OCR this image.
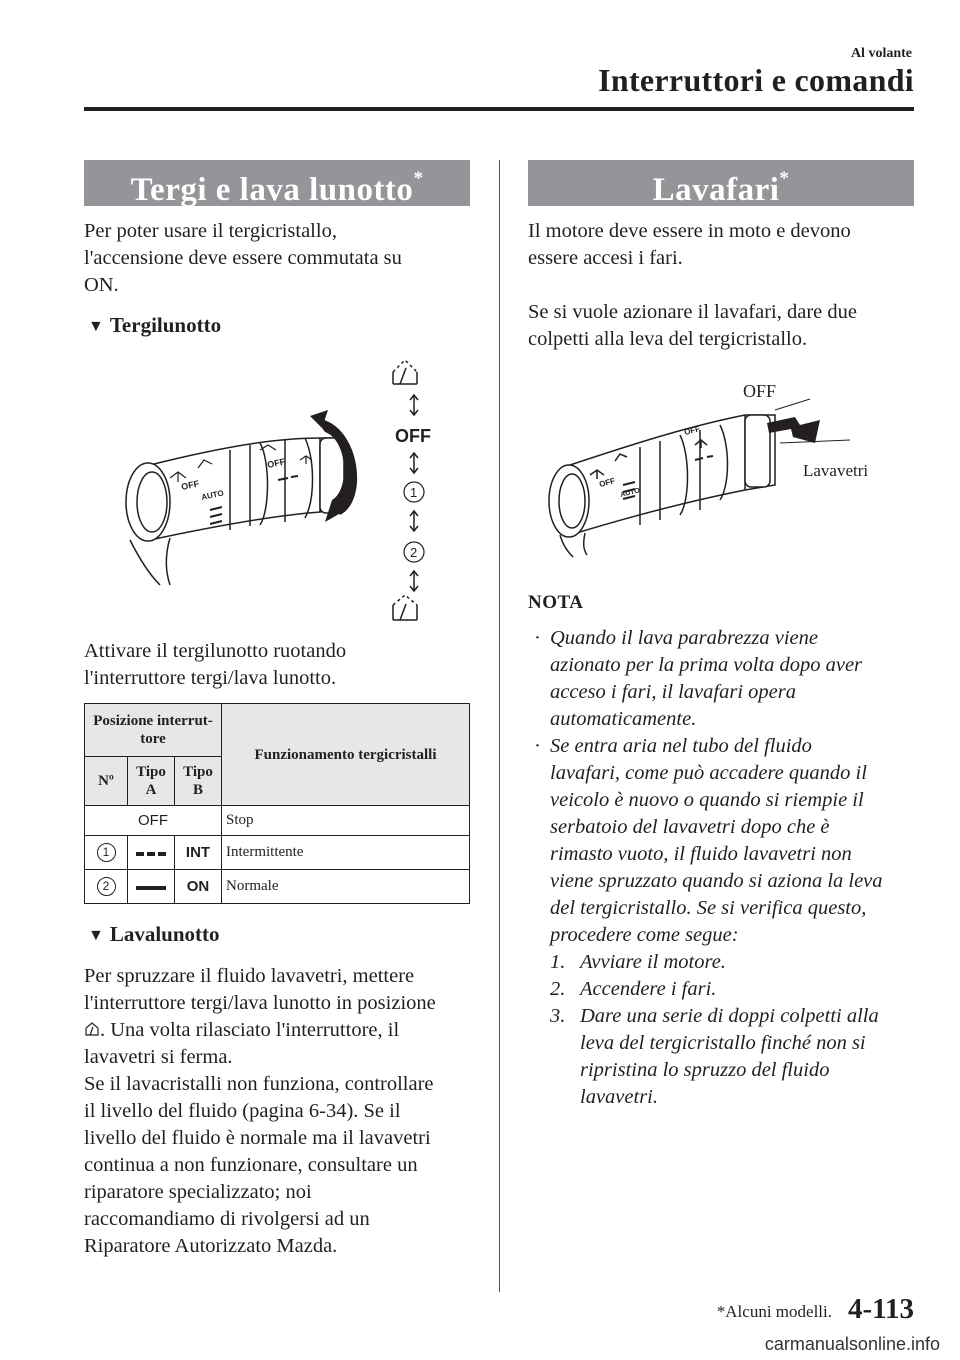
Al volante
Interruttori e comandi
Tergi e lava lunotto*

Per poter usare il tergicristallo,

l'accensione deve essere commutata su

ON.

▼ Tergilunotto
OFF
AUTO
OFF
OFF
1
2

Attivare il tergilunotto ruotando

l'interruttore tergi/lava lunotto.

Posizione interrut-tore			Funzionamento tergicristalli
Nº	Tipo A	Tipo B	
OFF			Stop
1		INT	Intermittente
2		ON	Normale
▼ Lavalunotto

Per spruzzare il fluido lavavetri, mettere

l'interruttore tergi/lava lunotto in posizione

. Una volta rilasciato l'interruttore, il

lavavetri si ferma.

Se il lavacristalli non funziona, controllare

il livello del fluido (pagina 6-34). Se il

livello del fluido è normale ma il lavavetri

continua a non funzionare, consultare un

riparatore specializzato; noi

raccomandiamo di rivolgersi ad un

Riparatore Autorizzato Mazda.

Lavafari*

Il motore deve essere in moto e devono

essere accesi i fari.

Se si vuole azionare il lavafari, dare due

colpetti alla leva del tergicristallo.

OFF
AUTO
OFF
OFF
Lavavetri
NOTA
· Quando il lava parabrezza viene
azionato per la prima volta dopo aver
acceso i fari, il lavafari opera
automaticamente.
· Se entra aria nel tubo del fluido
lavafari, come può accadere quando il
veicolo è nuovo o quando si riempie il
serbatoio del lavavetri dopo che è
rimasto vuoto, il fluido lavavetri non
viene spruzzato quando si aziona la leva
del tergicristallo. Se si verifica questo,
procedere come segue:
1. Avviare il motore.
2. Accendere i fari.
3. Dare una serie di doppi colpetti alla
leva del tergicristallo finché non si
ripristina lo spruzzo del fluido
lavavetri.
*Alcuni modelli. 4-113
carmanualsonline.info
